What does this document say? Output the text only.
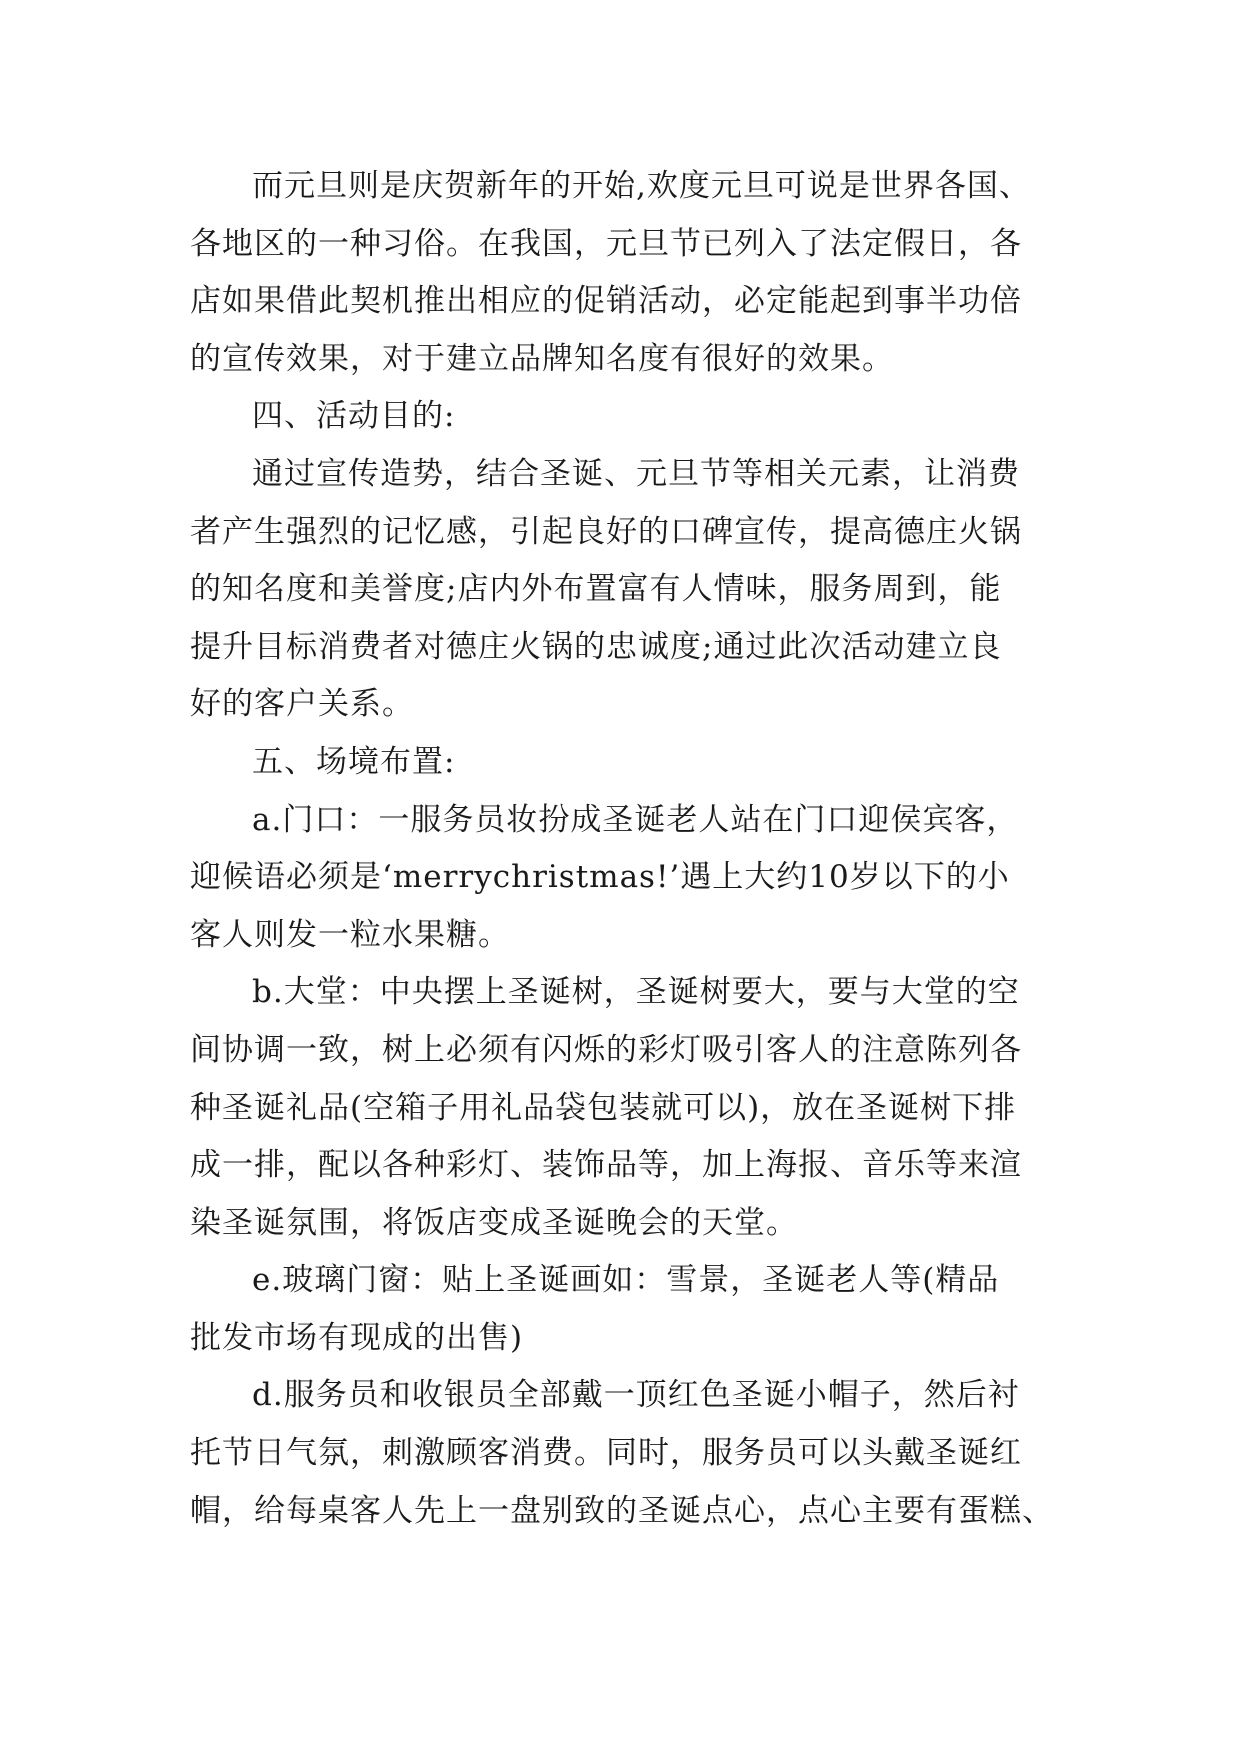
而元旦则是庆贺新年的开始,欢度元旦可说是世界各国、
各地区的一种习俗。在我国，元旦节已列入了法定假日，各
店如果借此契机推出相应的促销活动，必定能起到事半功倍
的宣传效果，对于建立品牌知名度有很好的效果。
四、活动目的:
通过宣传造势，结合圣诞、元旦节等相关元素，让消费
者产生强烈的记忆感，引起良好的口碑宣传，提高德庄火锅
的知名度和美誉度;店内外布置富有人情味，服务周到，能
提升目标消费者对德庄火锅的忠诚度;通过此次活动建立良
好的客户关系。
五、场境布置:
a.门口：一服务员妆扮成圣诞老人站在门口迎侯宾客，
迎候语必须是‘merrychristmas!’遇上大约10岁以下的小
客人则发一粒水果糖。
b.大堂：中央摆上圣诞树，圣诞树要大，要与大堂的空
间协调一致，树上必须有闪烁的彩灯吸引客人的注意陈列各
种圣诞礼品(空箱子用礼品袋包装就可以)，放在圣诞树下排
成一排，配以各种彩灯、装饰品等，加上海报、音乐等来渲
染圣诞氛围，将饭店变成圣诞晚会的天堂。
e.玻璃门窗：贴上圣诞画如：雪景，圣诞老人等(精品
批发市场有现成的出售)
d.服务员和收银员全部戴一顶红色圣诞小帽子，然后衬
托节日气氛，刺激顾客消费。同时，服务员可以头戴圣诞红
帽，给每桌客人先上一盘别致的圣诞点心，点心主要有蛋糕、
